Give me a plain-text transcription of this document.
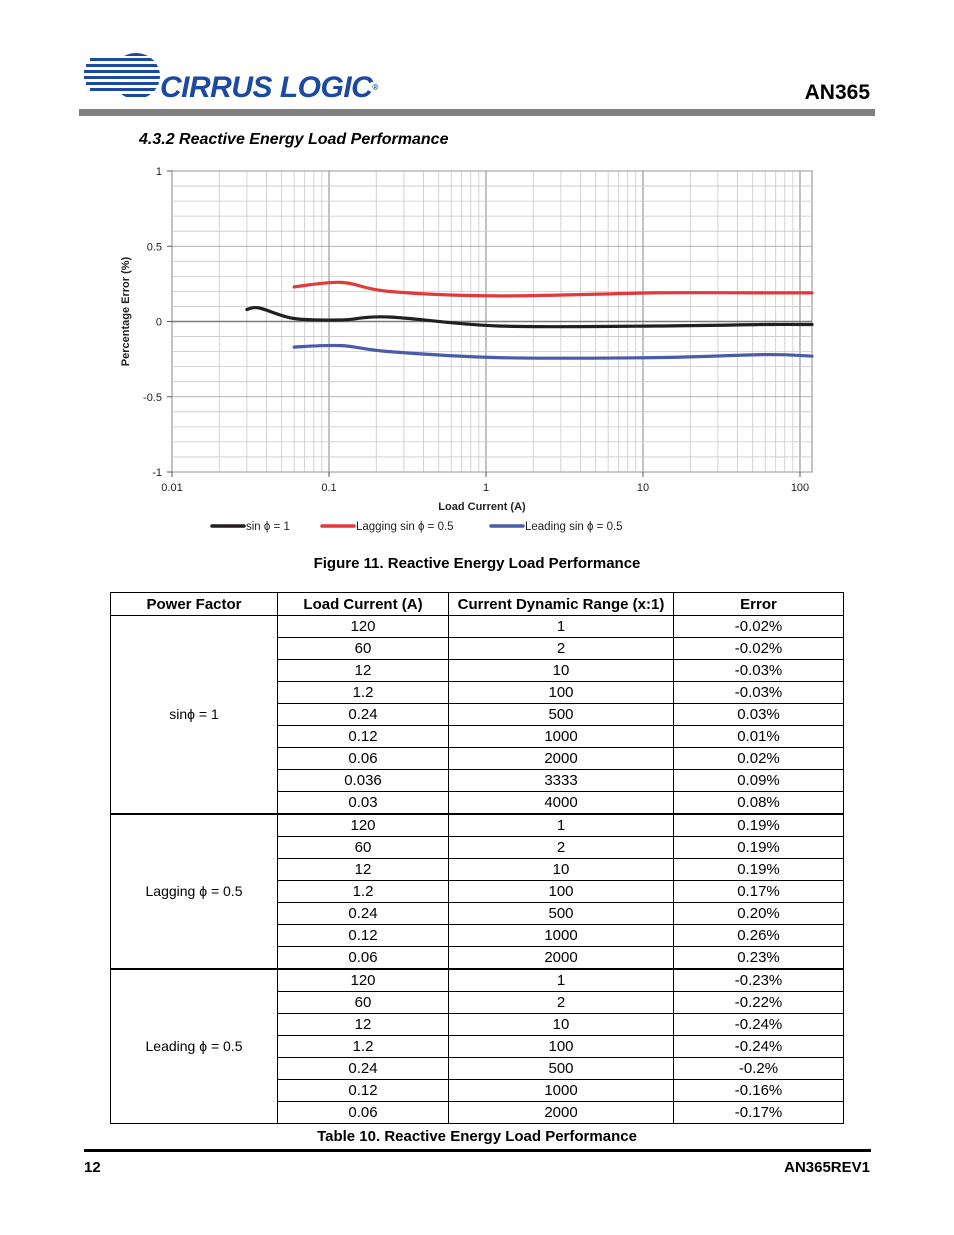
CIRRUS LOGIC®	AN365
4.3.2 Reactive Energy Load Performance
-1
-0.5
0
0.5
1
0.01	0.1	1	10	100
Load Current (A)
Percentage Error (%)
sin ϕ = 1	Lagging sin ϕ = 0.5	Leading sin ϕ = 0.5
Figure 11. Reactive Energy Load Performance
Power Factor	Load Current (A)	Current Dynamic Range (x:1)	Error
sinϕ = 1	120	1	-0.02%
	60	2	-0.02%
	12	10	-0.03%
	1.2	100	-0.03%
	0.24	500	0.03%
	0.12	1000	0.01%
	0.06	2000	0.02%
	0.036	3333	0.09%
	0.03	4000	0.08%
Lagging ϕ = 0.5	120	1	0.19%
	60	2	0.19%
	12	10	0.19%
	1.2	100	0.17%
	0.24	500	0.20%
	0.12	1000	0.26%
	0.06	2000	0.23%
Leading ϕ = 0.5	120	1	-0.23%
	60	2	-0.22%
	12	10	-0.24%
	1.2	100	-0.24%
	0.24	500	-0.2%
	0.12	1000	-0.16%
	0.06	2000	-0.17%
Table 10. Reactive Energy Load Performance
12	AN365REV1
